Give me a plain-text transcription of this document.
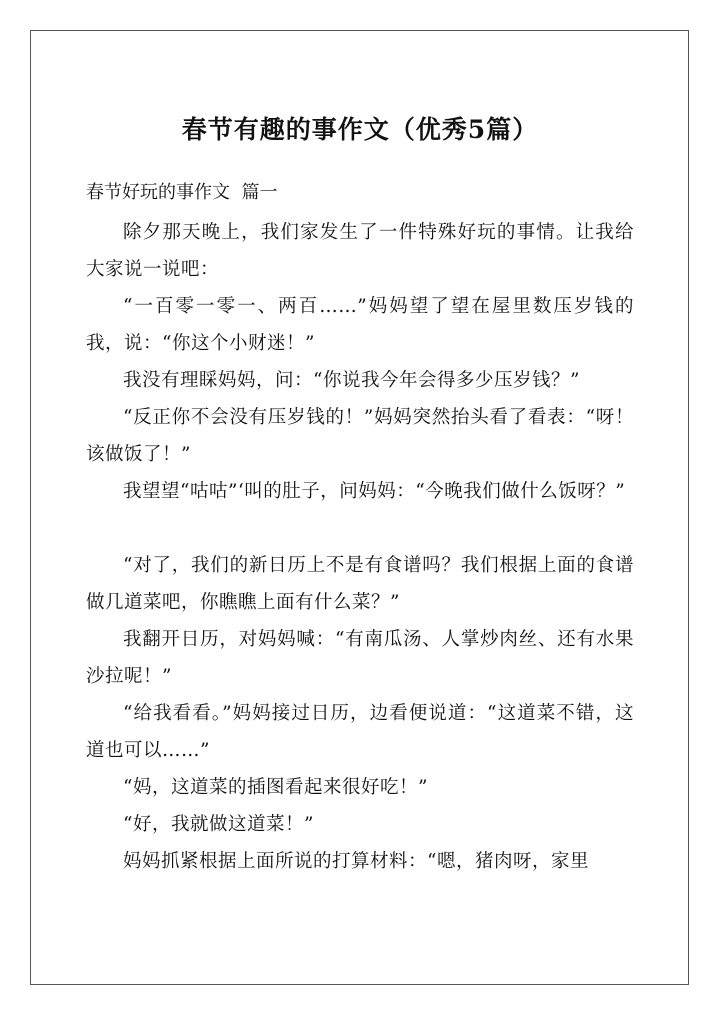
春节有趣的事作文（优秀5篇）

春节好玩的事作文  篇一

除夕那天晚上，我们家发生了一件特殊好玩的事情。让我给大家说一说吧：

“一百零一零一、两百……”妈妈望了望在屋里数压岁钱的我，说：“你这个小财迷！”

我没有理睬妈妈，问：“你说我今年会得多少压岁钱？”

“反正你不会没有压岁钱的！”妈妈突然抬头看了看表：“呀！该做饭了！”

我望望“咕咕”‘叫的肚子，问妈妈：“今晚我们做什么饭呀？”

“对了，我们的新日历上不是有食谱吗？我们根据上面的食谱做几道菜吧，你瞧瞧上面有什么菜？”

我翻开日历，对妈妈喊：“有南瓜汤、人掌炒肉丝、还有水果沙拉呢！”

“给我看看。”妈妈接过日历，边看便说道：“这道菜不错，这道也可以……”

“妈，这道菜的插图看起来很好吃！”

“好，我就做这道菜！”

妈妈抓紧根据上面所说的打算材料：“嗯，猪肉呀，家里
